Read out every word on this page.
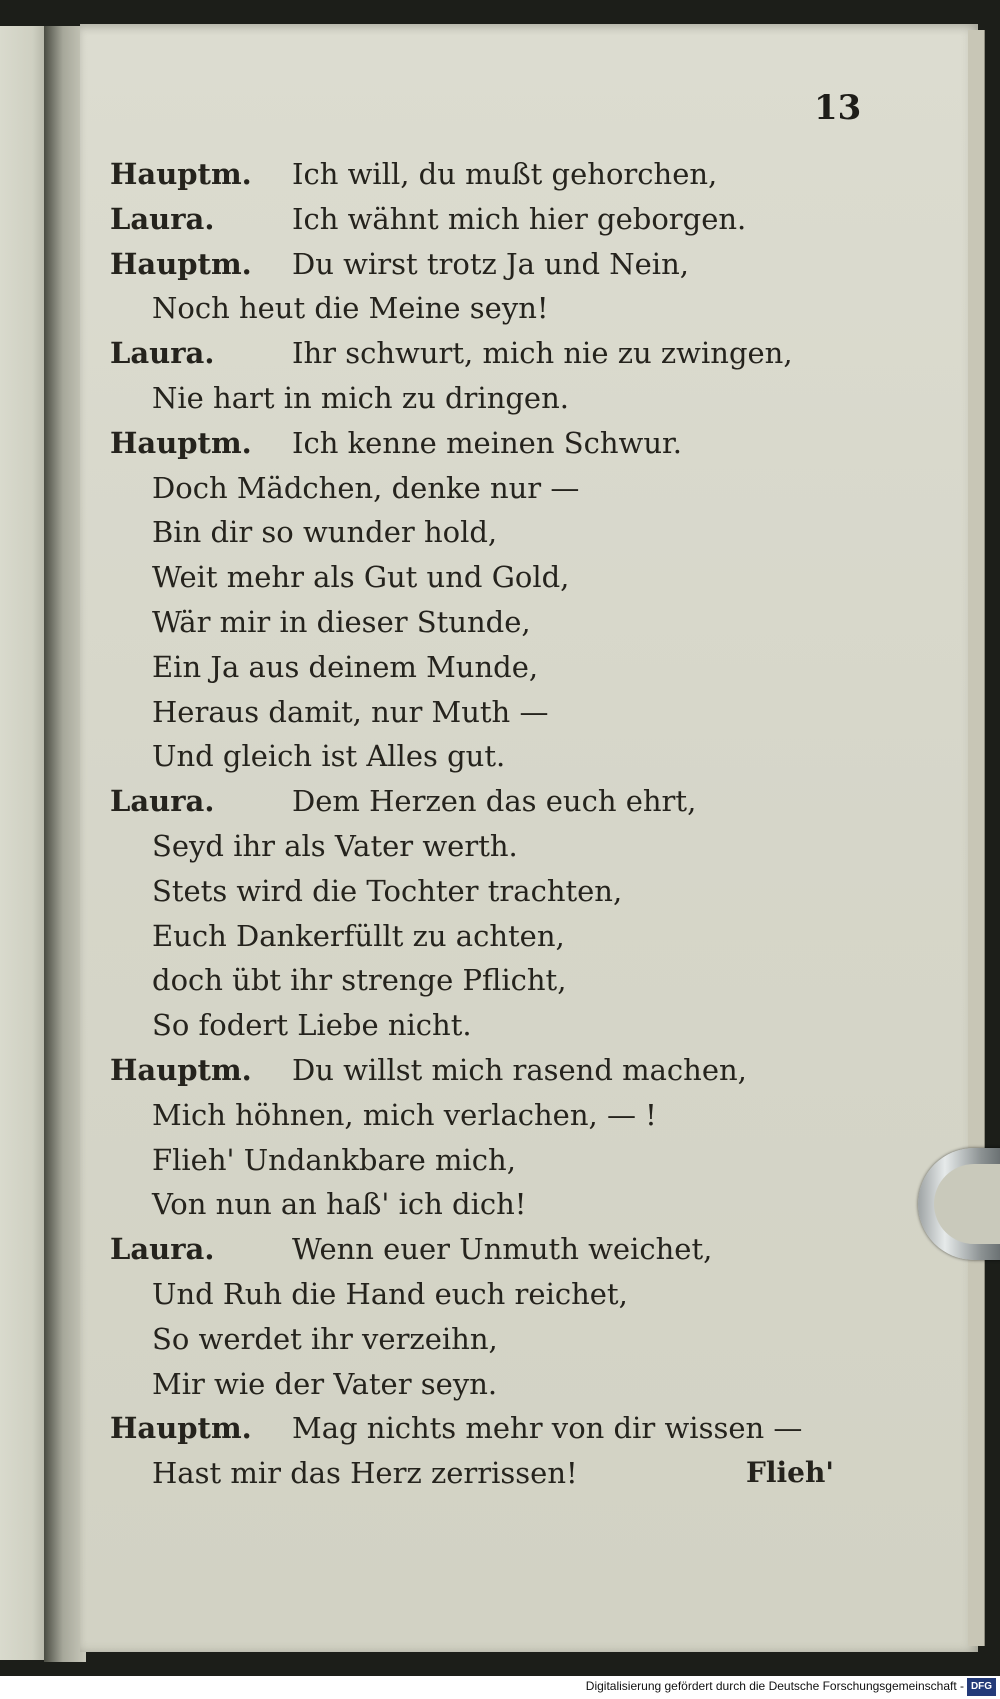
13
Hauptm. Ich will, du mußt gehorchen,
Laura.	Ich wähnt mich hier geborgen.
Hauptm. Du wirst trotz Ja und Nein,
Noch heut die Meine seyn!
Laura.	Ihr schwurt, mich nie zu zwingen,
Nie hart in mich zu dringen.
Hauptm. Ich kenne meinen Schwur.
Doch Mädchen, denke nur —
Bin dir so wunder hold,
Weit mehr als Gut und Gold,
Wär mir in dieser Stunde,
Ein Ja aus deinem Munde,
Heraus damit, nur Muth —
Und gleich ist Alles gut.
Laura.	Dem Herzen das euch ehrt,
Seyd ihr als Vater werth.
Stets wird die Tochter trachten,
Euch Dankerfüllt zu achten,
doch übt ihr strenge Pflicht,
So fodert Liebe nicht.
Hauptm. Du willst mich rasend machen,
Mich höhnen, mich verlachen, — !
Flieh' Undankbare mich,
Von nun an haß' ich dich!
Laura.	Wenn euer Unmuth weichet,
Und Ruh die Hand euch reichet,
So werdet ihr verzeihn,
Mir wie der Vater seyn.
Hauptm. Mag nichts mehr von dir wissen —
Hast mir das Herz zerrissen!	Flieh'
Digitalisierung gefördert durch die Deutsche Forschungsgemeinschaft - DFG
